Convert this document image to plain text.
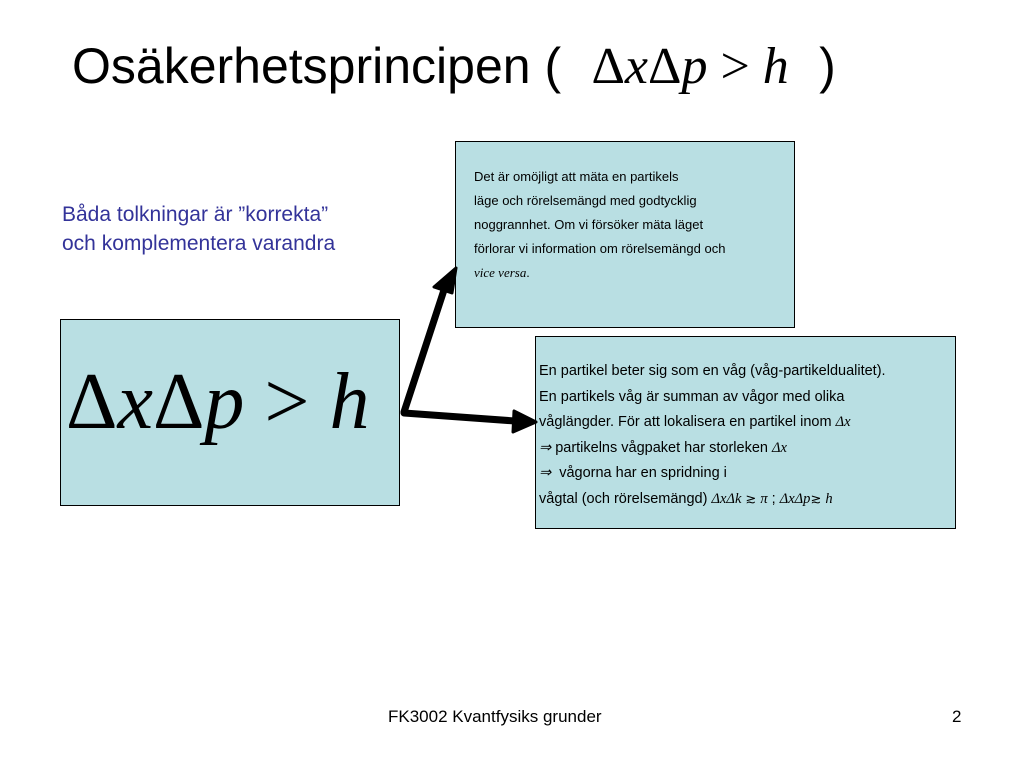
Osäkerhetsprincipen ( ΔxΔp > h )
Båda tolkningar är ”korrekta”
och komplementera varandra
ΔxΔp > h

Det är omöjligt att mäta en partikels

läge och rörelsemängd med godtycklig

noggrannhet. Om vi försöker mäta läget

förlorar vi information om rörelsemängd och

vice versa.

En partikel beter sig som en våg (våg-partikeldualitet).

En partikels våg är summan av vågor med olika

våglängder. För att lokalisera en partikel inom Δx

⇒ partikelns vågpaket har storleken Δx

⇒ vågorna har en spridning i

vågtal (och rörelsemängd) ΔxΔk ≳ π ; ΔxΔp≳ h

FK3002 Kvantfysiks grunder	2
